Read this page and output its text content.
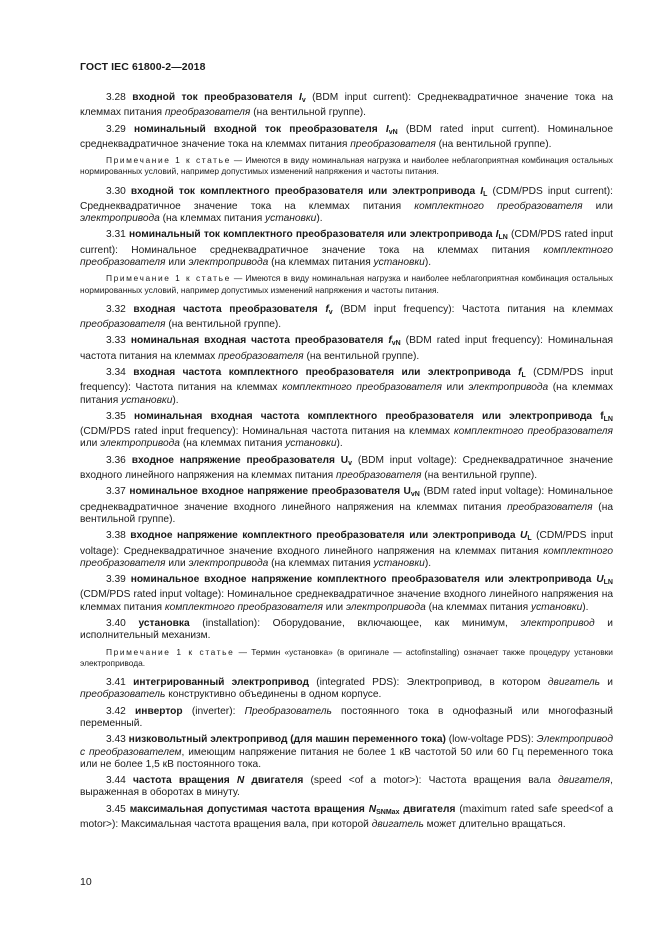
ГОСТ IEC 61800-2—2018

3.28 входной ток преобразователя $I_v$ (BDM input current): Среднеквадратичное значение тока на клеммах питания преобразователя (на вентильной группе).

3.29 номинальный входной ток преобразователя $I_{vN}$ (BDM rated input current). Номинальное среднеквадратичное значение тока на клеммах питания преобразователя (на вентильной группе).

Примечание 1 к статье — Имеются в виду номинальная нагрузка и наиболее неблагоприятная комбинация остальных нормированных условий, например допустимых изменений напряжения и частоты питания.

3.30 входной ток комплектного преобразователя или электропривода $I_L$ (CDM/PDS input current): Среднеквадратичное значение тока на клеммах питания комплектного преобразователя или электропривода (на клеммах питания установки).

3.31 номинальный ток комплектного преобразователя или электропривода $I_{LN}$ (CDM/PDS rated input current): Номинальное среднеквадратичное значение тока на клеммах питания комплектного преобразователя или электропривода (на клеммах питания установки).

Примечание 1 к статье — Имеются в виду номинальная нагрузка и наиболее неблагоприятная комбинация остальных нормированных условий, например допустимых изменений напряжения и частоты питания.

3.32 входная частота преобразователя $f_v$ (BDM input frequency): Частота питания на клеммах преобразователя (на вентильной группе).

3.33 номинальная входная частота преобразователя $f_{vN}$ (BDM rated input frequency): Номинальная частота питания на клеммах преобразователя (на вентильной группе).

3.34 входная частота комплектного преобразователя или электропривода $f_L$ (CDM/PDS input frequency): Частота питания на клеммах комплектного преобразователя или электропривода (на клеммах питания установки).

3.35 номинальная входная частота комплектного преобразователя или электропривода $f_{LN}$ (CDM/PDS rated input frequency): Номинальная частота питания на клеммах комплектного преобразователя или электропривода (на клеммах питания установки).

3.36 входное напряжение преобразователя $U_v$ (BDM input voltage): Среднеквадратичное значение входного линейного напряжения на клеммах питания преобразователя (на вентильной группе).

3.37 номинальное входное напряжение преобразователя $U_{vN}$ (BDM rated input voltage): Номинальное среднеквадратичное значение входного линейного напряжения на клеммах питания преобразователя (на вентильной группе).

3.38 входное напряжение комплектного преобразователя или электропривода $U_L$ (CDM/PDS input voltage): Среднеквадратичное значение входного линейного напряжения на клеммах питания комплектного преобразователя или электропривода (на клеммах питания установки).

3.39 номинальное входное напряжение комплектного преобразователя или электропривода $U_{LN}$ (CDM/PDS rated input voltage): Номинальное среднеквадратичное значение входного линейного напряжения на клеммах питания комплектного преобразователя или электропривода (на клеммах питания установки).

3.40 установка (installation): Оборудование, включающее, как минимум, электропривод и исполнительный механизм.

Примечание 1 к статье — Термин «установка» (в оригинале — actofinstalling) означает также процедуру установки электропривода.

3.41 интегрированный электропривод (integrated PDS): Электропривод, в котором двигатель и преобразователь конструктивно объединены в одном корпусе.

3.42 инвертор (inverter): Преобразователь постоянного тока в однофазный или многофазный переменный.

3.43 низковольтный электропривод (для машин переменного тока) (low-voltage PDS): Электропривод с преобразователем, имеющим напряжение питания не более 1 кВ частотой 50 или 60 Гц переменного тока или не более 1,5 кВ постоянного тока.

3.44 частота вращения N двигателя (speed <of a motor>): Частота вращения вала двигателя, выраженная в оборотах в минуту.

3.45 максимальная допустимая частота вращения $N_{SNMax}$ двигателя (maximum rated safe speed<of a motor>): Максимальная частота вращения вала, при которой двигатель может длительно вращаться.

10
